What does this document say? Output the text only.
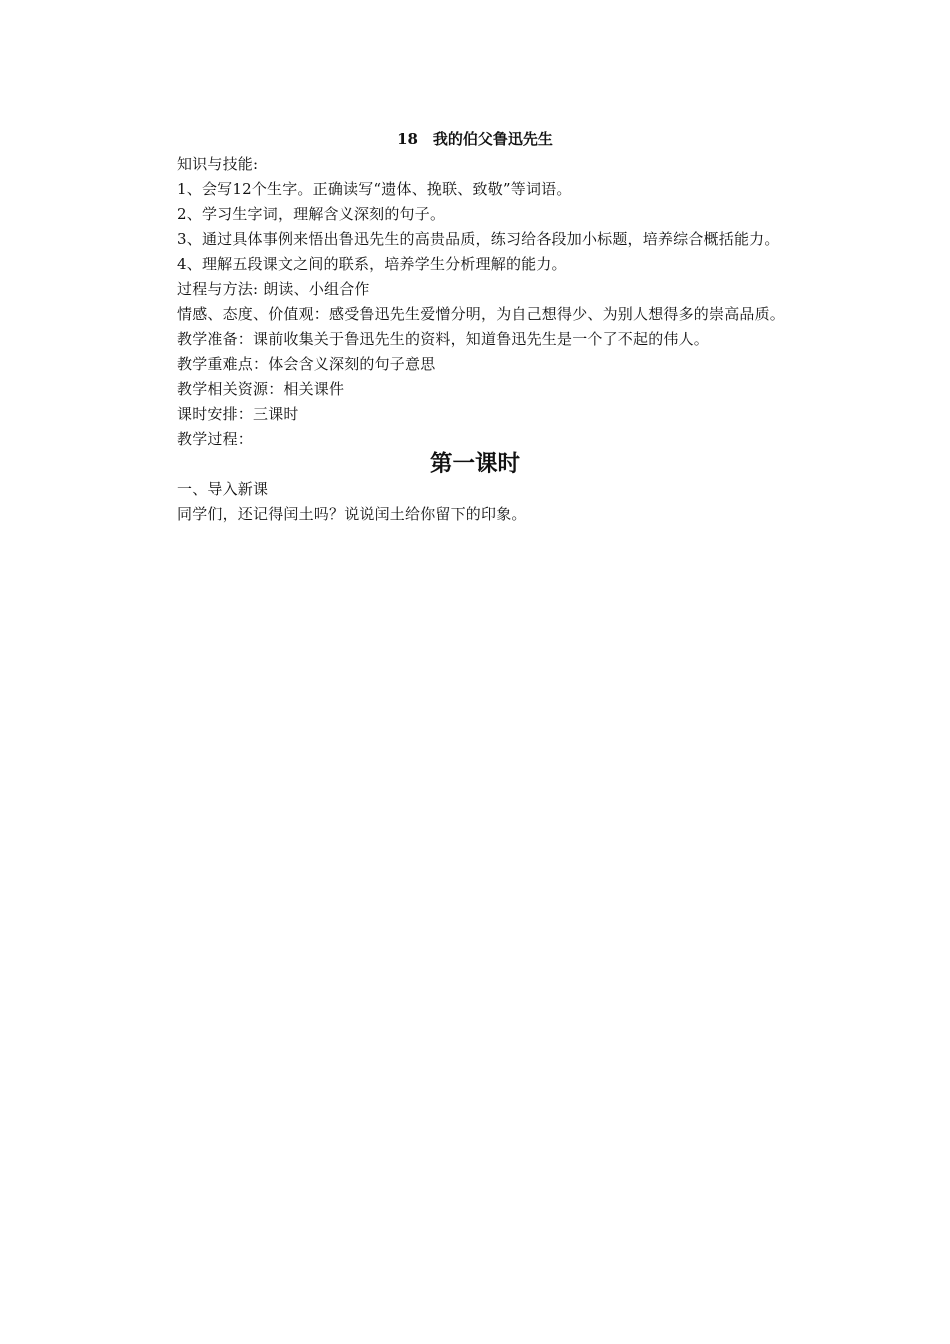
18　我的伯父鲁迅先生

知识与技能:

1、会写12个生字。正确读写“遗体、挽联、致敬”等词语。

2、学习生字词，理解含义深刻的句子。

3、通过具体事例来悟出鲁迅先生的高贵品质，练习给各段加小标题，培养综合概括能力。

4、理解五段课文之间的联系，培养学生分析理解的能力。

过程与方法: 朗读、小组合作

情感、态度、价值观：感受鲁迅先生爱憎分明，为自己想得少、为别人想得多的崇高品质。

教学准备：课前收集关于鲁迅先生的资料，知道鲁迅先生是一个了不起的伟人。

教学重难点：体会含义深刻的句子意思

教学相关资源：相关课件

课时安排：三课时

教学过程：

第一课时

一、导入新课

同学们，还记得闰土吗？说说闰土给你留下的印象。
